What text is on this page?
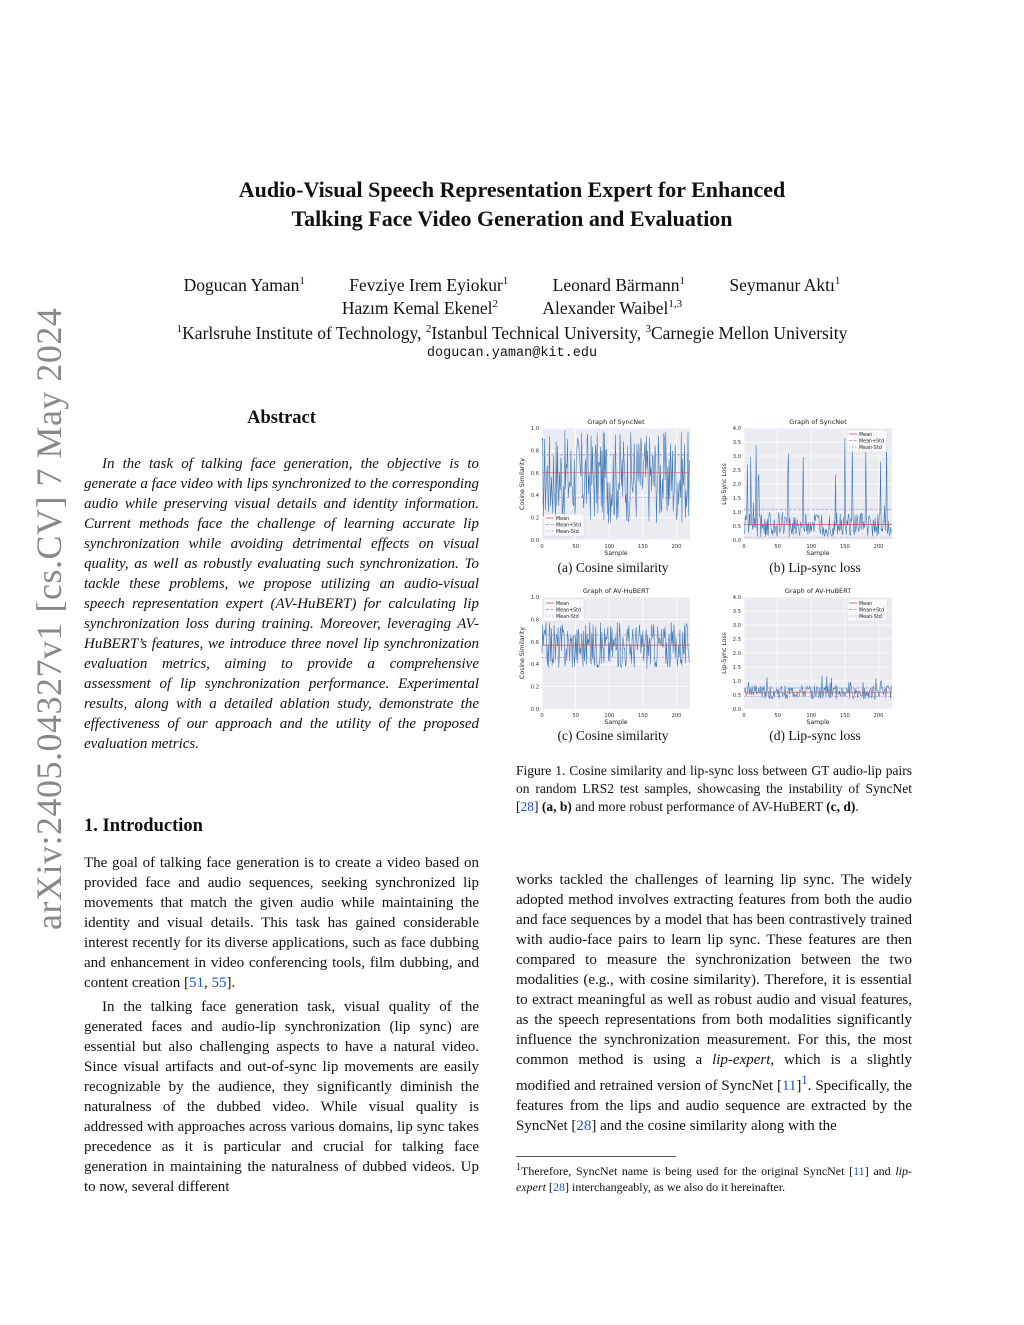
arXiv:2405.04327v1 [cs.CV] 7 May 2024
Audio-Visual Speech Representation Expert for Enhanced
Talking Face Video Generation and Evaluation
Dogucan Yaman$^1$	Fevziye Irem Eyiokur$^1$	Leonard Bärmann$^1$	Seymanur Aktı$^1$
Hazım Kemal Ekenel$^2$	Alexander Waibel$^{1,3}$
$^1$Karlsruhe Institute of Technology, $^2$Istanbul Technical University, $^3$Carnegie Mellon University
dogucan.yaman@kit.edu
Abstract
In the task of talking face generation, the objective is to generate a face video with lips synchronized to the corresponding audio while preserving visual details and identity information. Current methods face the challenge of learning accurate lip synchronization while avoiding detrimental effects on visual quality, as well as robustly evaluating such synchronization. To tackle these problems, we propose utilizing an audio-visual speech representation expert (AV-HuBERT) for calculating lip synchronization loss during training. Moreover, leveraging AV-HuBERT’s features, we introduce three novel lip synchronization evaluation metrics, aiming to provide a comprehensive assessment of lip synchronization performance. Experimental results, along with a detailed ablation study, demonstrate the effectiveness of our approach and the utility of the proposed evaluation metrics.
1. Introduction

The goal of talking face generation is to create a video based on provided face and audio sequences, seeking synchronized lip movements that match the given audio while maintaining the identity and visual details. This task has gained considerable interest recently for its diverse applications, such as face dubbing and enhancement in video conferencing tools, film dubbing, and content creation [51, 55].

In the talking face generation task, visual quality of the generated faces and audio-lip synchronization (lip sync) are essential but also challenging aspects to have a natural video. Since visual artifacts and out-of-sync lip movements are easily recognizable by the audience, they significantly diminish the naturalness of the dubbed video. While visual quality is addressed with approaches across various domains, lip sync takes precedence as it is particular and crucial for talking face generation in maintaining the naturalness of dubbed videos. Up to now, several different

works tackled the challenges of learning lip sync. The widely adopted method involves extracting features from both the audio and face sequences by a model that has been contrastively trained with audio-face pairs to learn lip sync. These features are then compared to measure the synchronization between the two modalities (e.g., with cosine similarity). Therefore, it is essential to extract meaningful as well as robust audio and visual features, as the speech representations from both modalities significantly influence the synchronization measurement. For this, the most common method is using a lip-expert, which is a slightly modified and retrained version of SyncNet [11]$^1$. Specifically, the features from the lips and audio sequence are extracted by the SyncNet [28] and the cosine similarity along with the

$^1$Therefore, SyncNet name is being used for the original SyncNet [11] and lip-expert [28] interchangeably, as we also do it hereinafter.
0.0
0.2
0.4
0.6
0.8
1.0
0	50	100	150	200
Graph of SyncNet
Sample
Cosine Similarity
Mean
Mean+Std
Mean-Std
0.0
0.5
1.0
1.5
2.0
2.5
3.0
3.5
4.0
0	50	100	150	200
Graph of SyncNet
Sample
Lip-Sync Loss
Mean
Mean+Std
Mean-Std
0.0
0.2
0.4
0.6
0.8
1.0
0	50	100	150	200
Graph of AV-HuBERT
Sample
Cosine Similarity
Mean
Mean+Std
Mean-Std
0.0
0.5
1.0
1.5
2.0
2.5
3.0
3.5
4.0
0	50	100	150	200
Graph of AV-HuBERT
Sample
Lip-Sync Loss
Mean
Mean+Std
Mean-Std
(a) Cosine similarity	(b) Lip-sync loss
(c) Cosine similarity	(d) Lip-sync loss
Figure 1. Cosine similarity and lip-sync loss between GT audio-lip pairs on random LRS2 test samples, showcasing the instability of SyncNet [28] (a, b) and more robust performance of AV-HuBERT (c, d).
